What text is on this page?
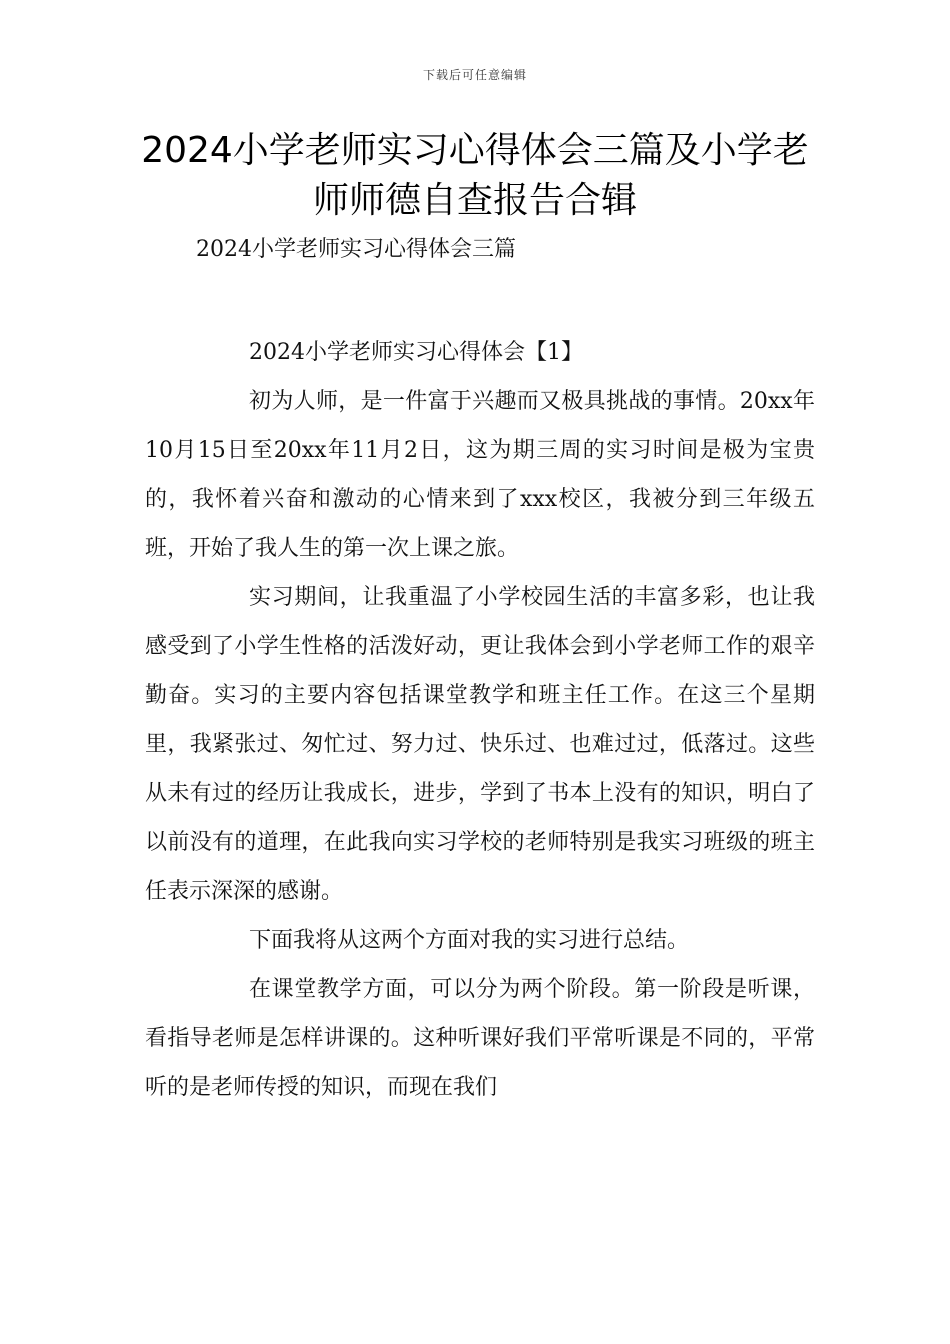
下载后可任意编辑
2024小学老师实习心得体会三篇及小学老师师德自查报告合辑
2024小学老师实习心得体会三篇

2024小学老师实习心得体会【1】

初为人师，是一件富于兴趣而又极具挑战的事情。20xx年10月15日至20xx年11月2日，这为期三周的实习时间是极为宝贵的，我怀着兴奋和激动的心情来到了xxx校区，我被分到三年级五班，开始了我人生的第一次上课之旅。

实习期间，让我重温了小学校园生活的丰富多彩，也让我感受到了小学生性格的活泼好动，更让我体会到小学老师工作的艰辛勤奋。实习的主要内容包括课堂教学和班主任工作。在这三个星期里，我紧张过、匆忙过、努力过、快乐过、也难过过，低落过。这些从未有过的经历让我成长，进步，学到了书本上没有的知识，明白了以前没有的道理，在此我向实习学校的老师特别是我实习班级的班主任表示深深的感谢。

下面我将从这两个方面对我的实习进行总结。

在课堂教学方面，可以分为两个阶段。第一阶段是听课，看指导老师是怎样讲课的。这种听课好我们平常听课是不同的，平常听的是老师传授的知识，而现在我们
